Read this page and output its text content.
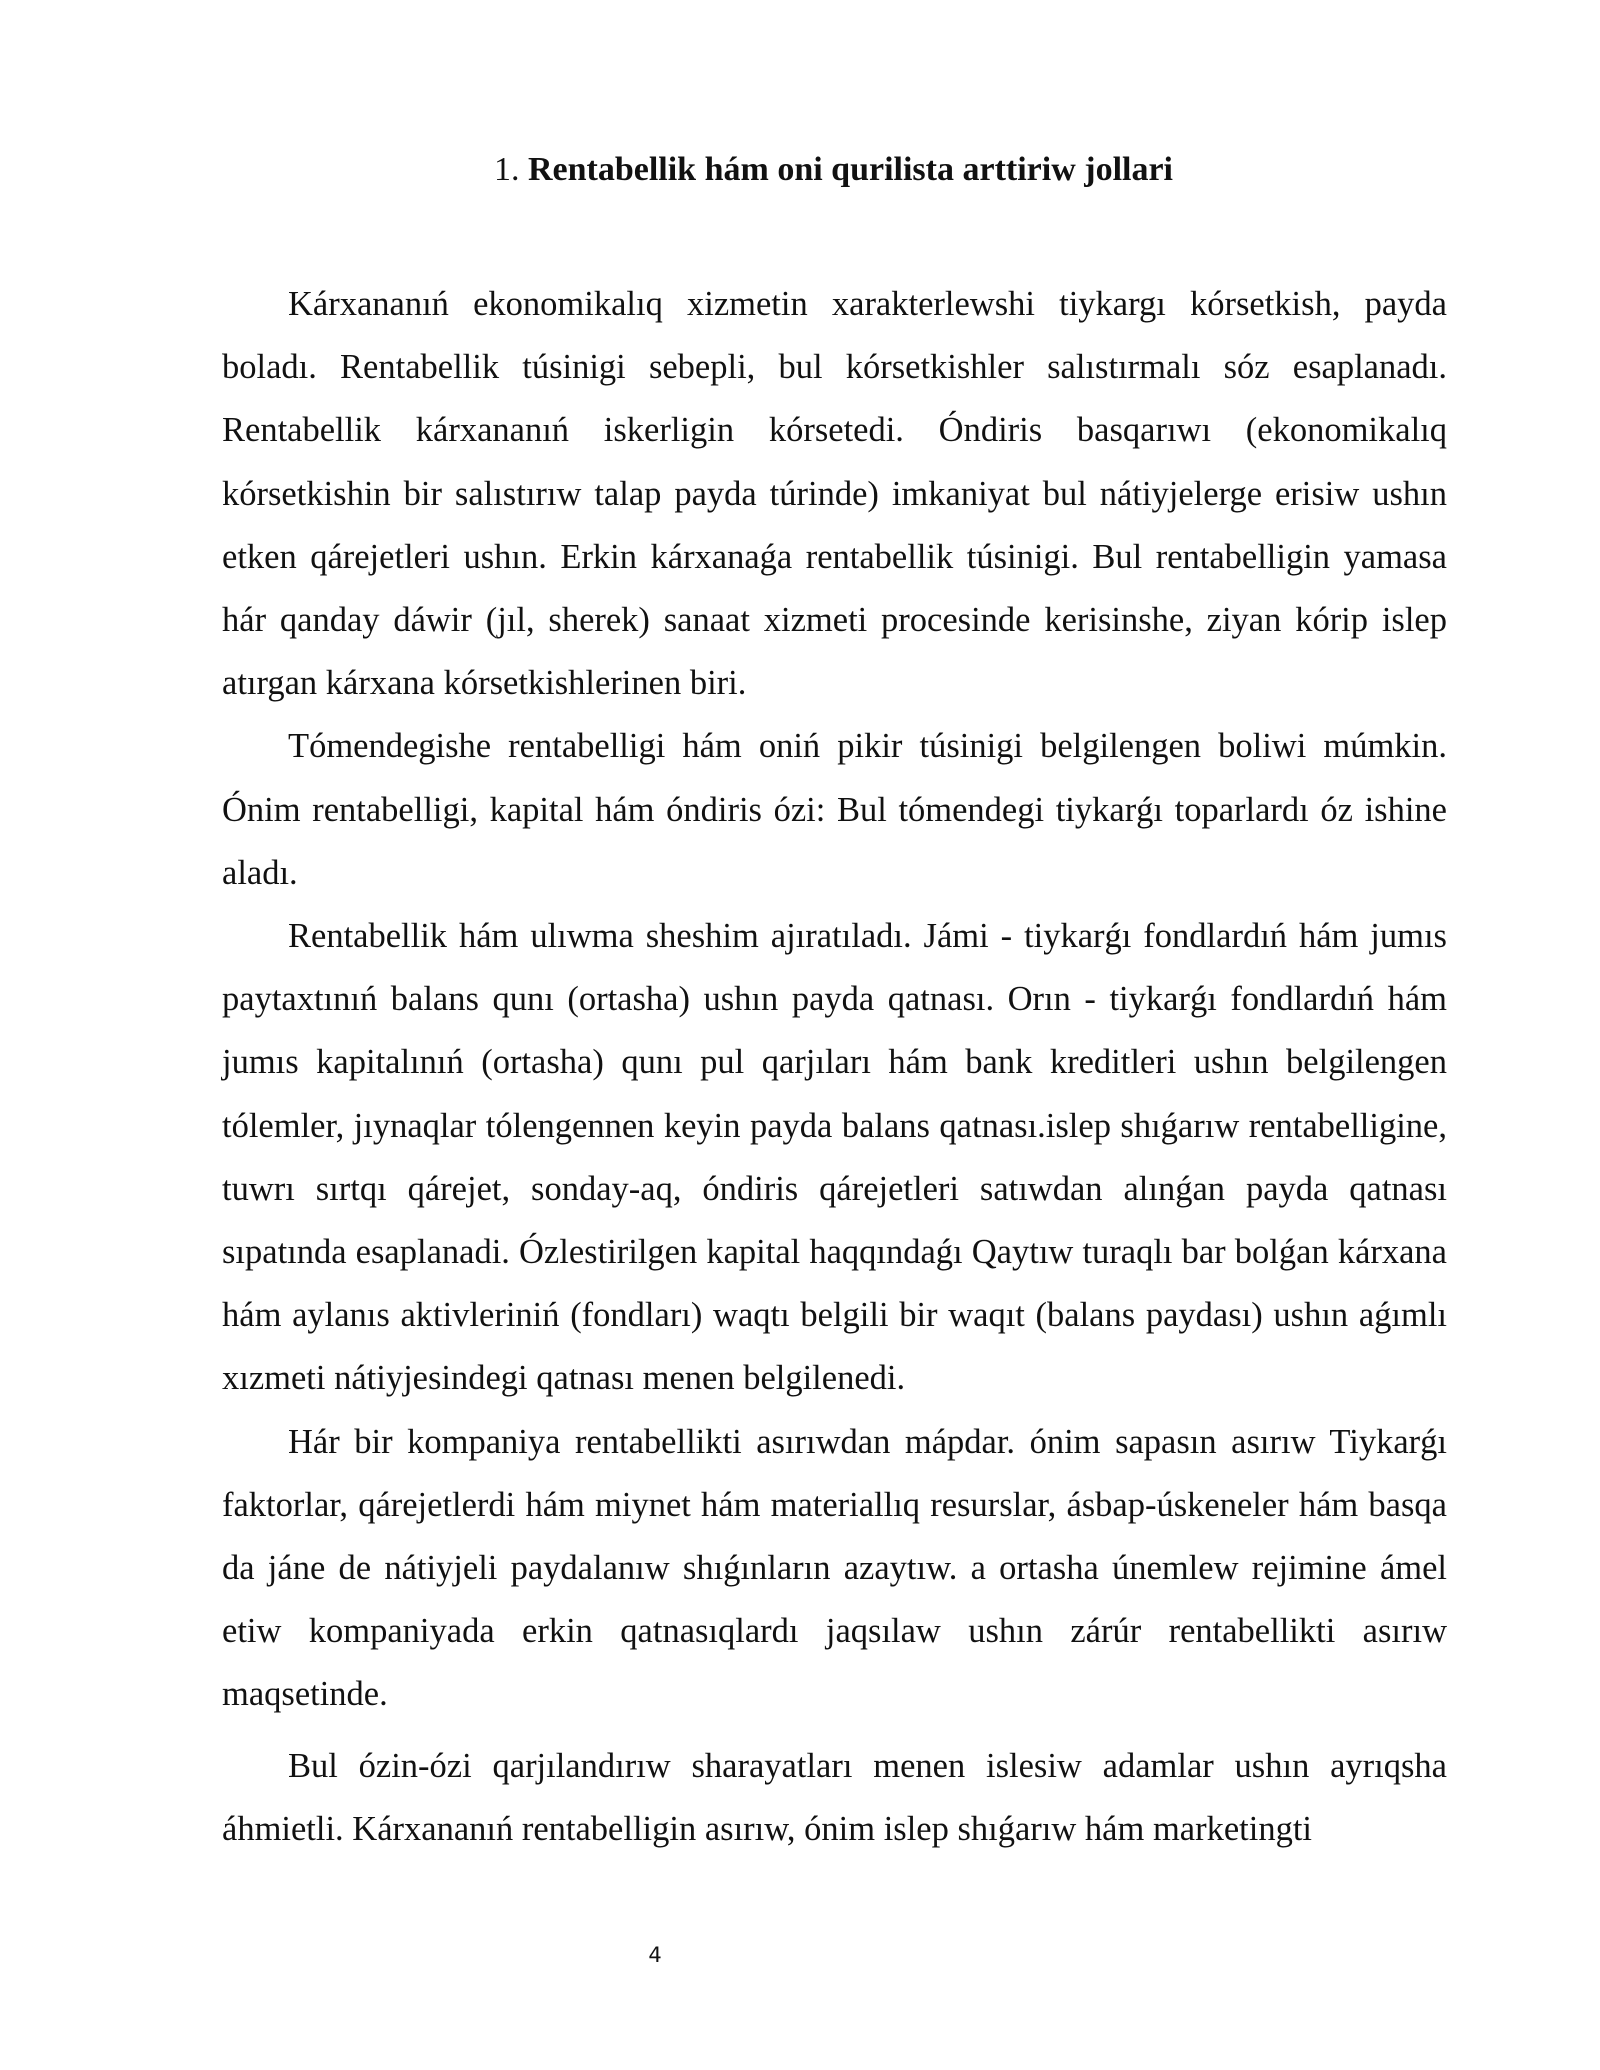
1. Rentabellik hám oni qurilista arttiriw jollari

Kárxananıń ekonomikalıq xizmetin xarakterlewshi tiykargı kórsetkish, payda boladı. Rentabellik túsinigi sebepli, bul kórsetkishler salıstırmalı sóz esaplanadı. Rentabellik kárxananıń iskerligin kórsetedi. Óndiris basqarıwı (ekonomikalıq kórsetkishin bir salıstırıw talap payda túrinde) imkaniyat bul nátiyjelerge erisiw ushın etken qárejetleri ushın. Erkin kárxanaǵa rentabellik túsinigi. Bul rentabelligin yamasa hár qanday dáwir (jıl, sherek) sanaat xizmeti procesinde kerisinshe, ziyan kórip islep atırgan kárxana kórsetkishlerinen biri.

Tómendegishe rentabelligi hám oniń pikir túsinigi belgilengen boliwi múmkin. Ónim rentabelligi, kapital hám óndiris ózi: Bul tómendegi tiykarǵı toparlardı óz ishine aladı.

Rentabellik hám ulıwma sheshim ajıratıladı. Jámi - tiykarǵı fondlardıń hám jumıs paytaxtınıń balans qunı (ortasha) ushın payda qatnası. Orın - tiykarǵı fondlardıń hám jumıs kapitalınıń (ortasha) qunı pul qarjıları hám bank kreditleri ushın belgilengen tólemler, jıynaqlar tólengennen keyin payda balans qatnası.islep shıǵarıw rentabelligine, tuwrı sırtqı qárejet, sonday-aq, óndiris qárejetleri satıwdan alınǵan payda qatnası sıpatında esaplanadi. Ózlestirilgen kapital haqqındaǵı Qaytıw turaqlı bar bolǵan kárxana hám aylanıs aktivleriniń (fondları) waqtı belgili bir waqıt (balans paydası) ushın aǵımlı xızmeti nátiyjesindegi qatnası menen belgilenedi.

Hár bir kompaniya rentabellikti asırıwdan mápdar. ónim sapasın asırıw Tiykarǵı faktorlar, qárejetlerdi hám miynet hám materiallıq resurslar, ásbap-úskeneler hám basqa da jáne de nátiyjeli paydalanıw shıǵınların azaytıw. a ortasha únemlew rejimine ámel etiw kompaniyada erkin qatnasıqlardı jaqsılaw ushın zárúr rentabellikti asırıw maqsetinde.

Bul ózin-ózi qarjılandırıw sharayatları menen islesiw adamlar ushın ayrıqsha áhmietli. Kárxananıń rentabelligin asırıw, ónim islep shıǵarıw hám marketingti

4
